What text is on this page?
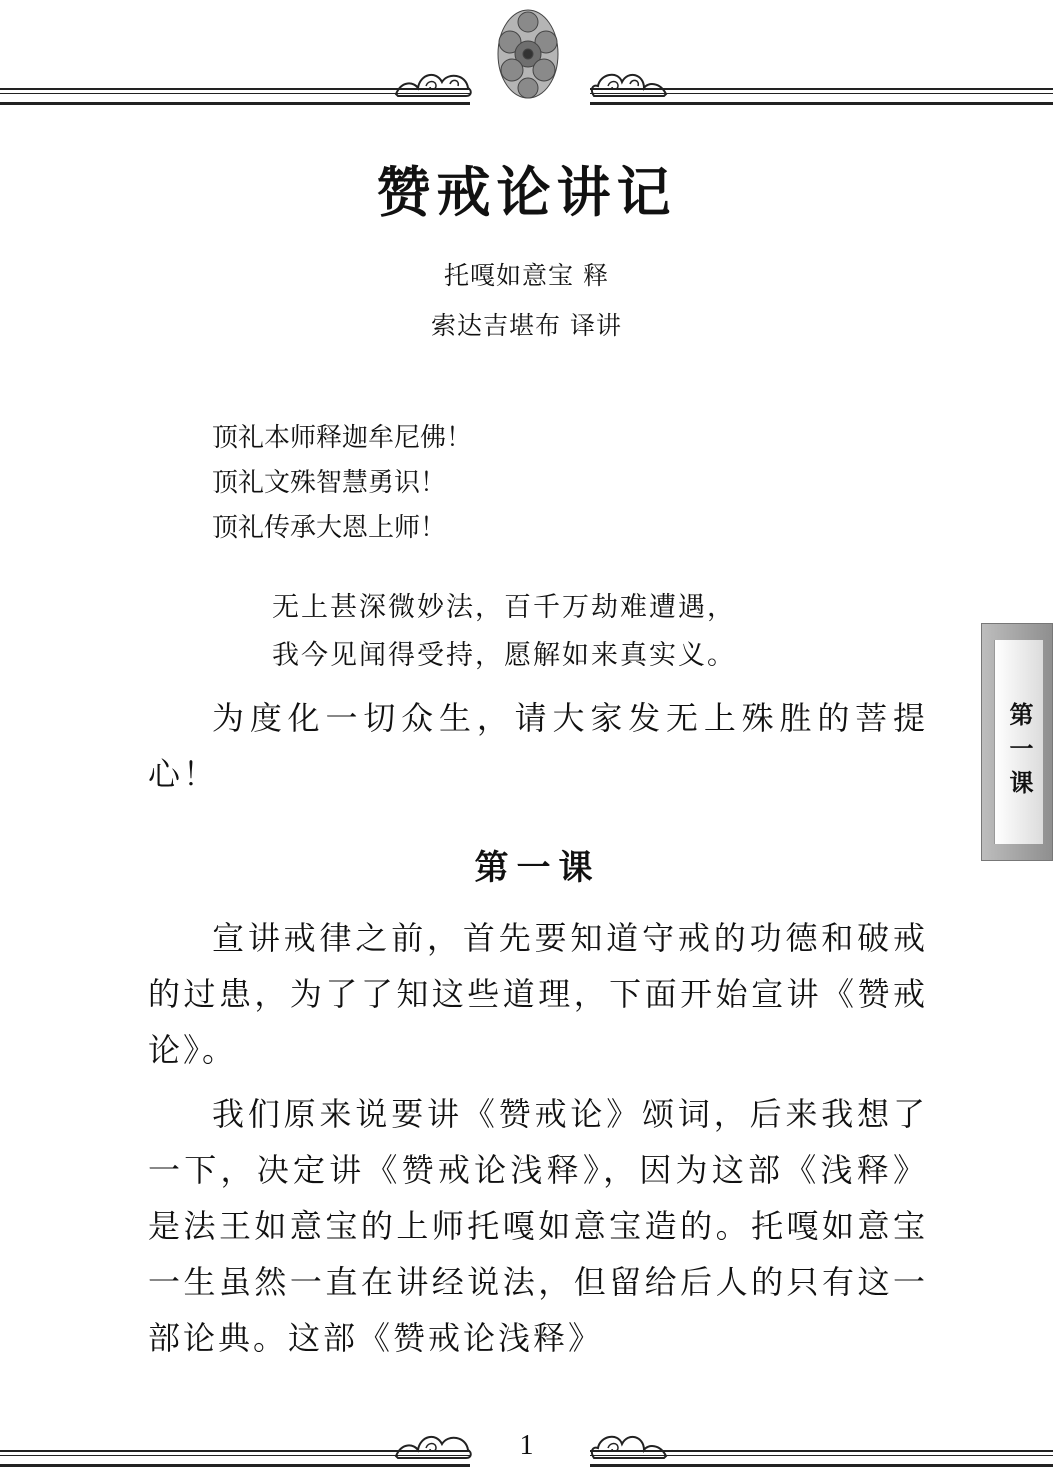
赞戒论讲记
托嘎如意宝 释
索达吉堪布 译讲
顶礼本师释迦牟尼佛！
顶礼文殊智慧勇识！
顶礼传承大恩上师！
无上甚深微妙法，百千万劫难遭遇，
我今见闻得受持，愿解如来真实义。
为度化一切众生，请大家发无上殊胜的菩提心！
第一课
宣讲戒律之前，首先要知道守戒的功德和破戒的过患，为了了知这些道理，下面开始宣讲《赞戒论》。
我们原来说要讲《赞戒论》颂词，后来我想了一下，决定讲《赞戒论浅释》，因为这部《浅释》是法王如意宝的上师托嘎如意宝造的。托嘎如意宝一生虽然一直在讲经说法，但留给后人的只有这一部论典。这部《赞戒论浅释》
第一课
1
